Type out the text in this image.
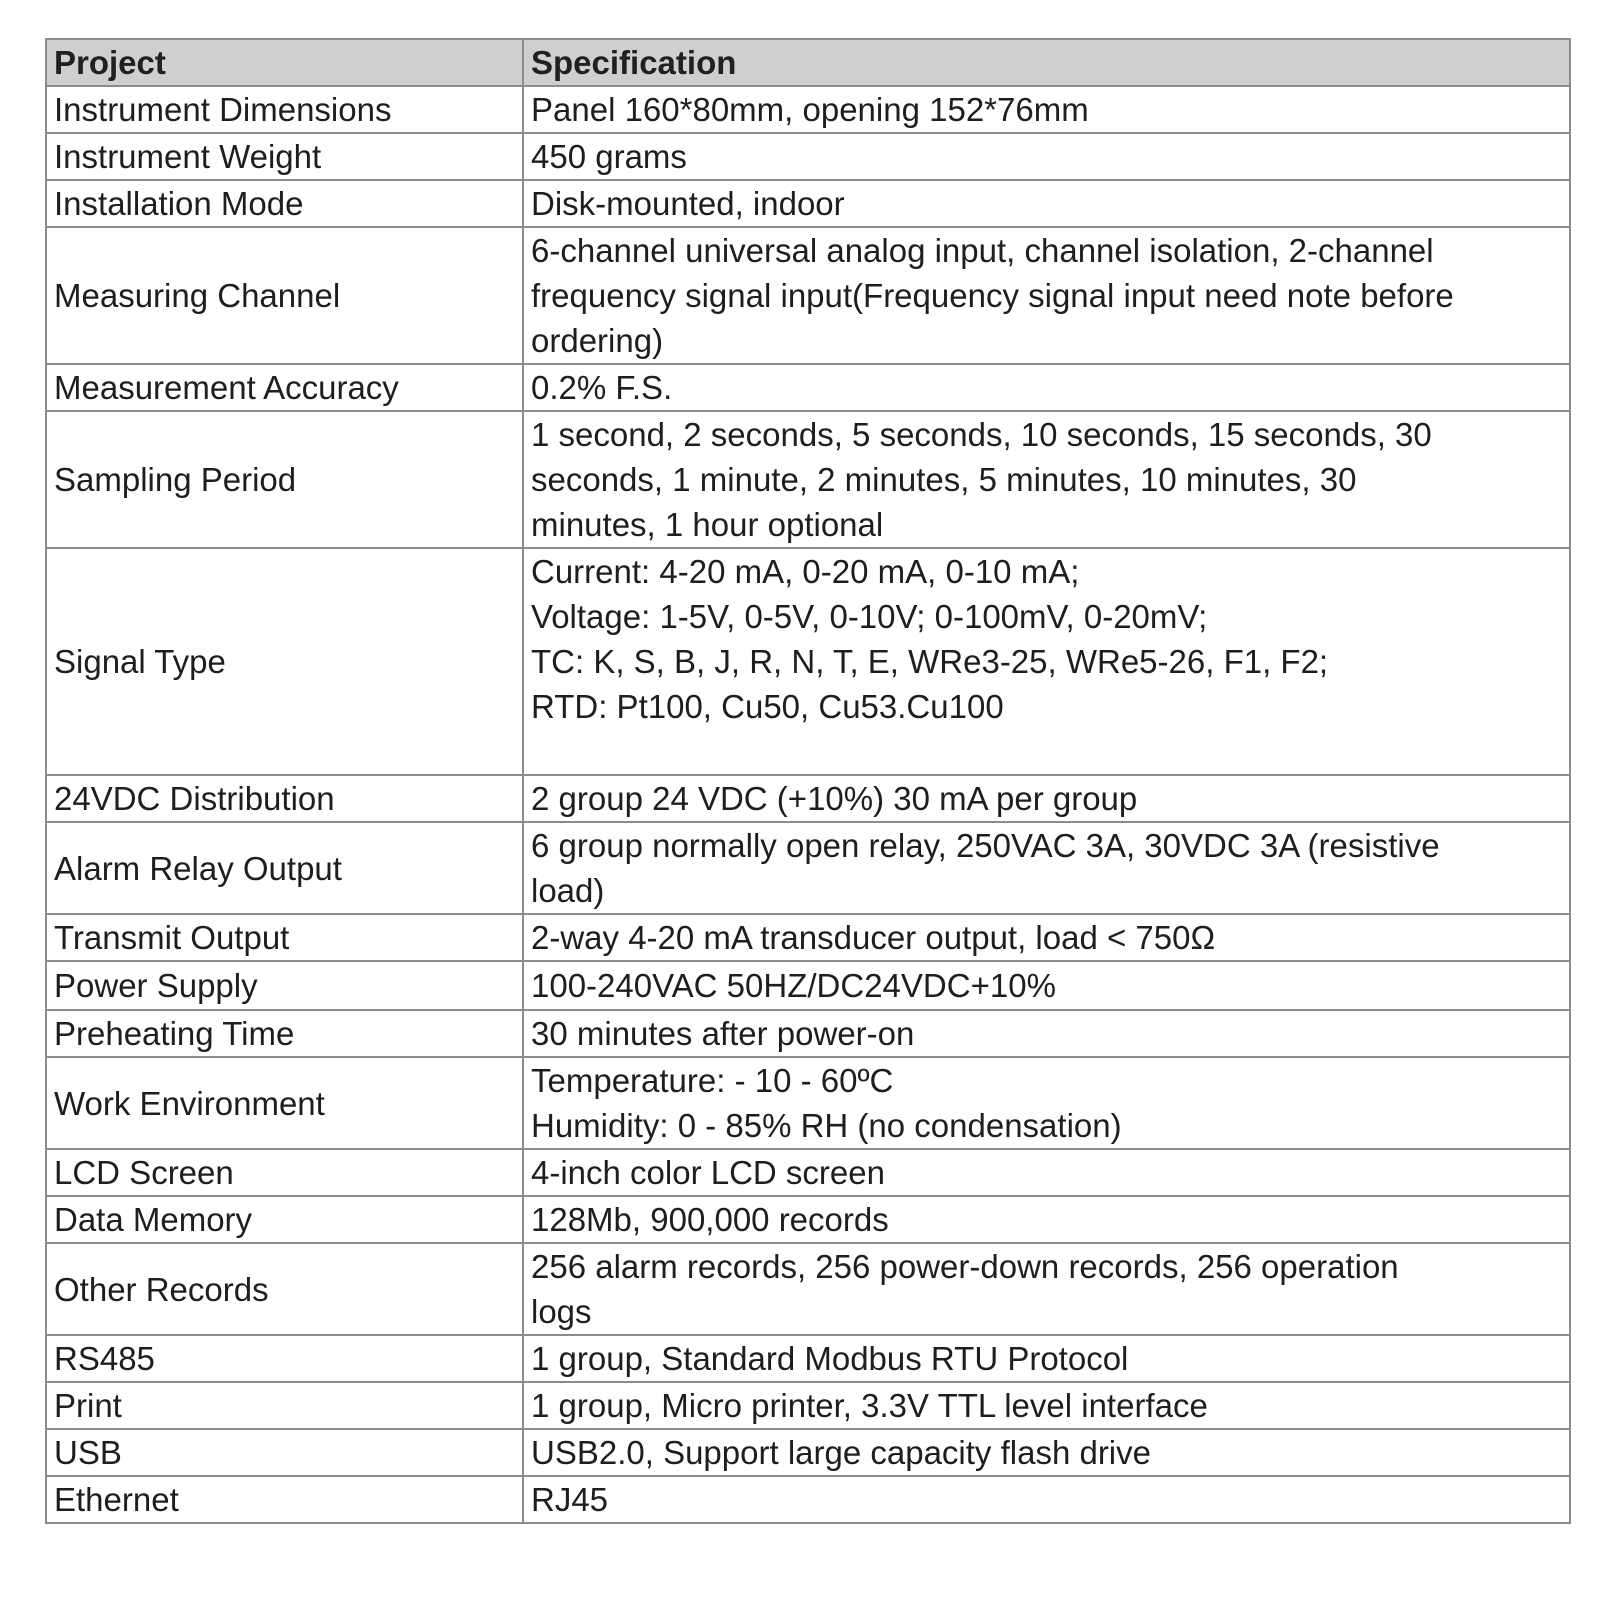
Project	Specification
Instrument Dimensions	Panel 160*80mm, opening 152*76mm
Instrument Weight	450 grams
Installation Mode	Disk-mounted, indoor
Measuring Channel	6-channel universal analog input, channel isolation, 2-channel
frequency signal input(Frequency signal input need note before
ordering)
Measurement Accuracy	0.2% F.S.
Sampling Period	1 second, 2 seconds, 5 seconds, 10 seconds, 15 seconds, 30
seconds, 1 minute, 2 minutes, 5 minutes, 10 minutes, 30
minutes, 1 hour optional
Signal Type	Current: 4-20 mA, 0-20 mA, 0-10 mA;
Voltage: 1-5V, 0-5V, 0-10V; 0-100mV, 0-20mV;
TC: K, S, B, J, R, N, T, E, WRe3-25, WRe5-26, F1, F2;
RTD: Pt100, Cu50, Cu53.Cu100
24VDC Distribution	2 group 24 VDC (+10%) 30 mA per group
Alarm Relay Output	6 group normally open relay, 250VAC 3A, 30VDC 3A (resistive
load)
Transmit Output	2-way 4-20 mA transducer output, load < 750Ω
Power Supply	100-240VAC 50HZ/DC24VDC+10%
Preheating Time	30 minutes after power-on
Work Environment	Temperature: - 10 - 60ºC
Humidity: 0 - 85% RH (no condensation)
LCD Screen	4-inch color LCD screen
Data Memory	128Mb, 900,000 records
Other Records	256 alarm records, 256 power-down records, 256 operation
logs
RS485	1 group, Standard Modbus RTU Protocol
Print	1 group, Micro printer, 3.3V TTL level interface
USB	USB2.0, Support large capacity flash drive
Ethernet	RJ45
